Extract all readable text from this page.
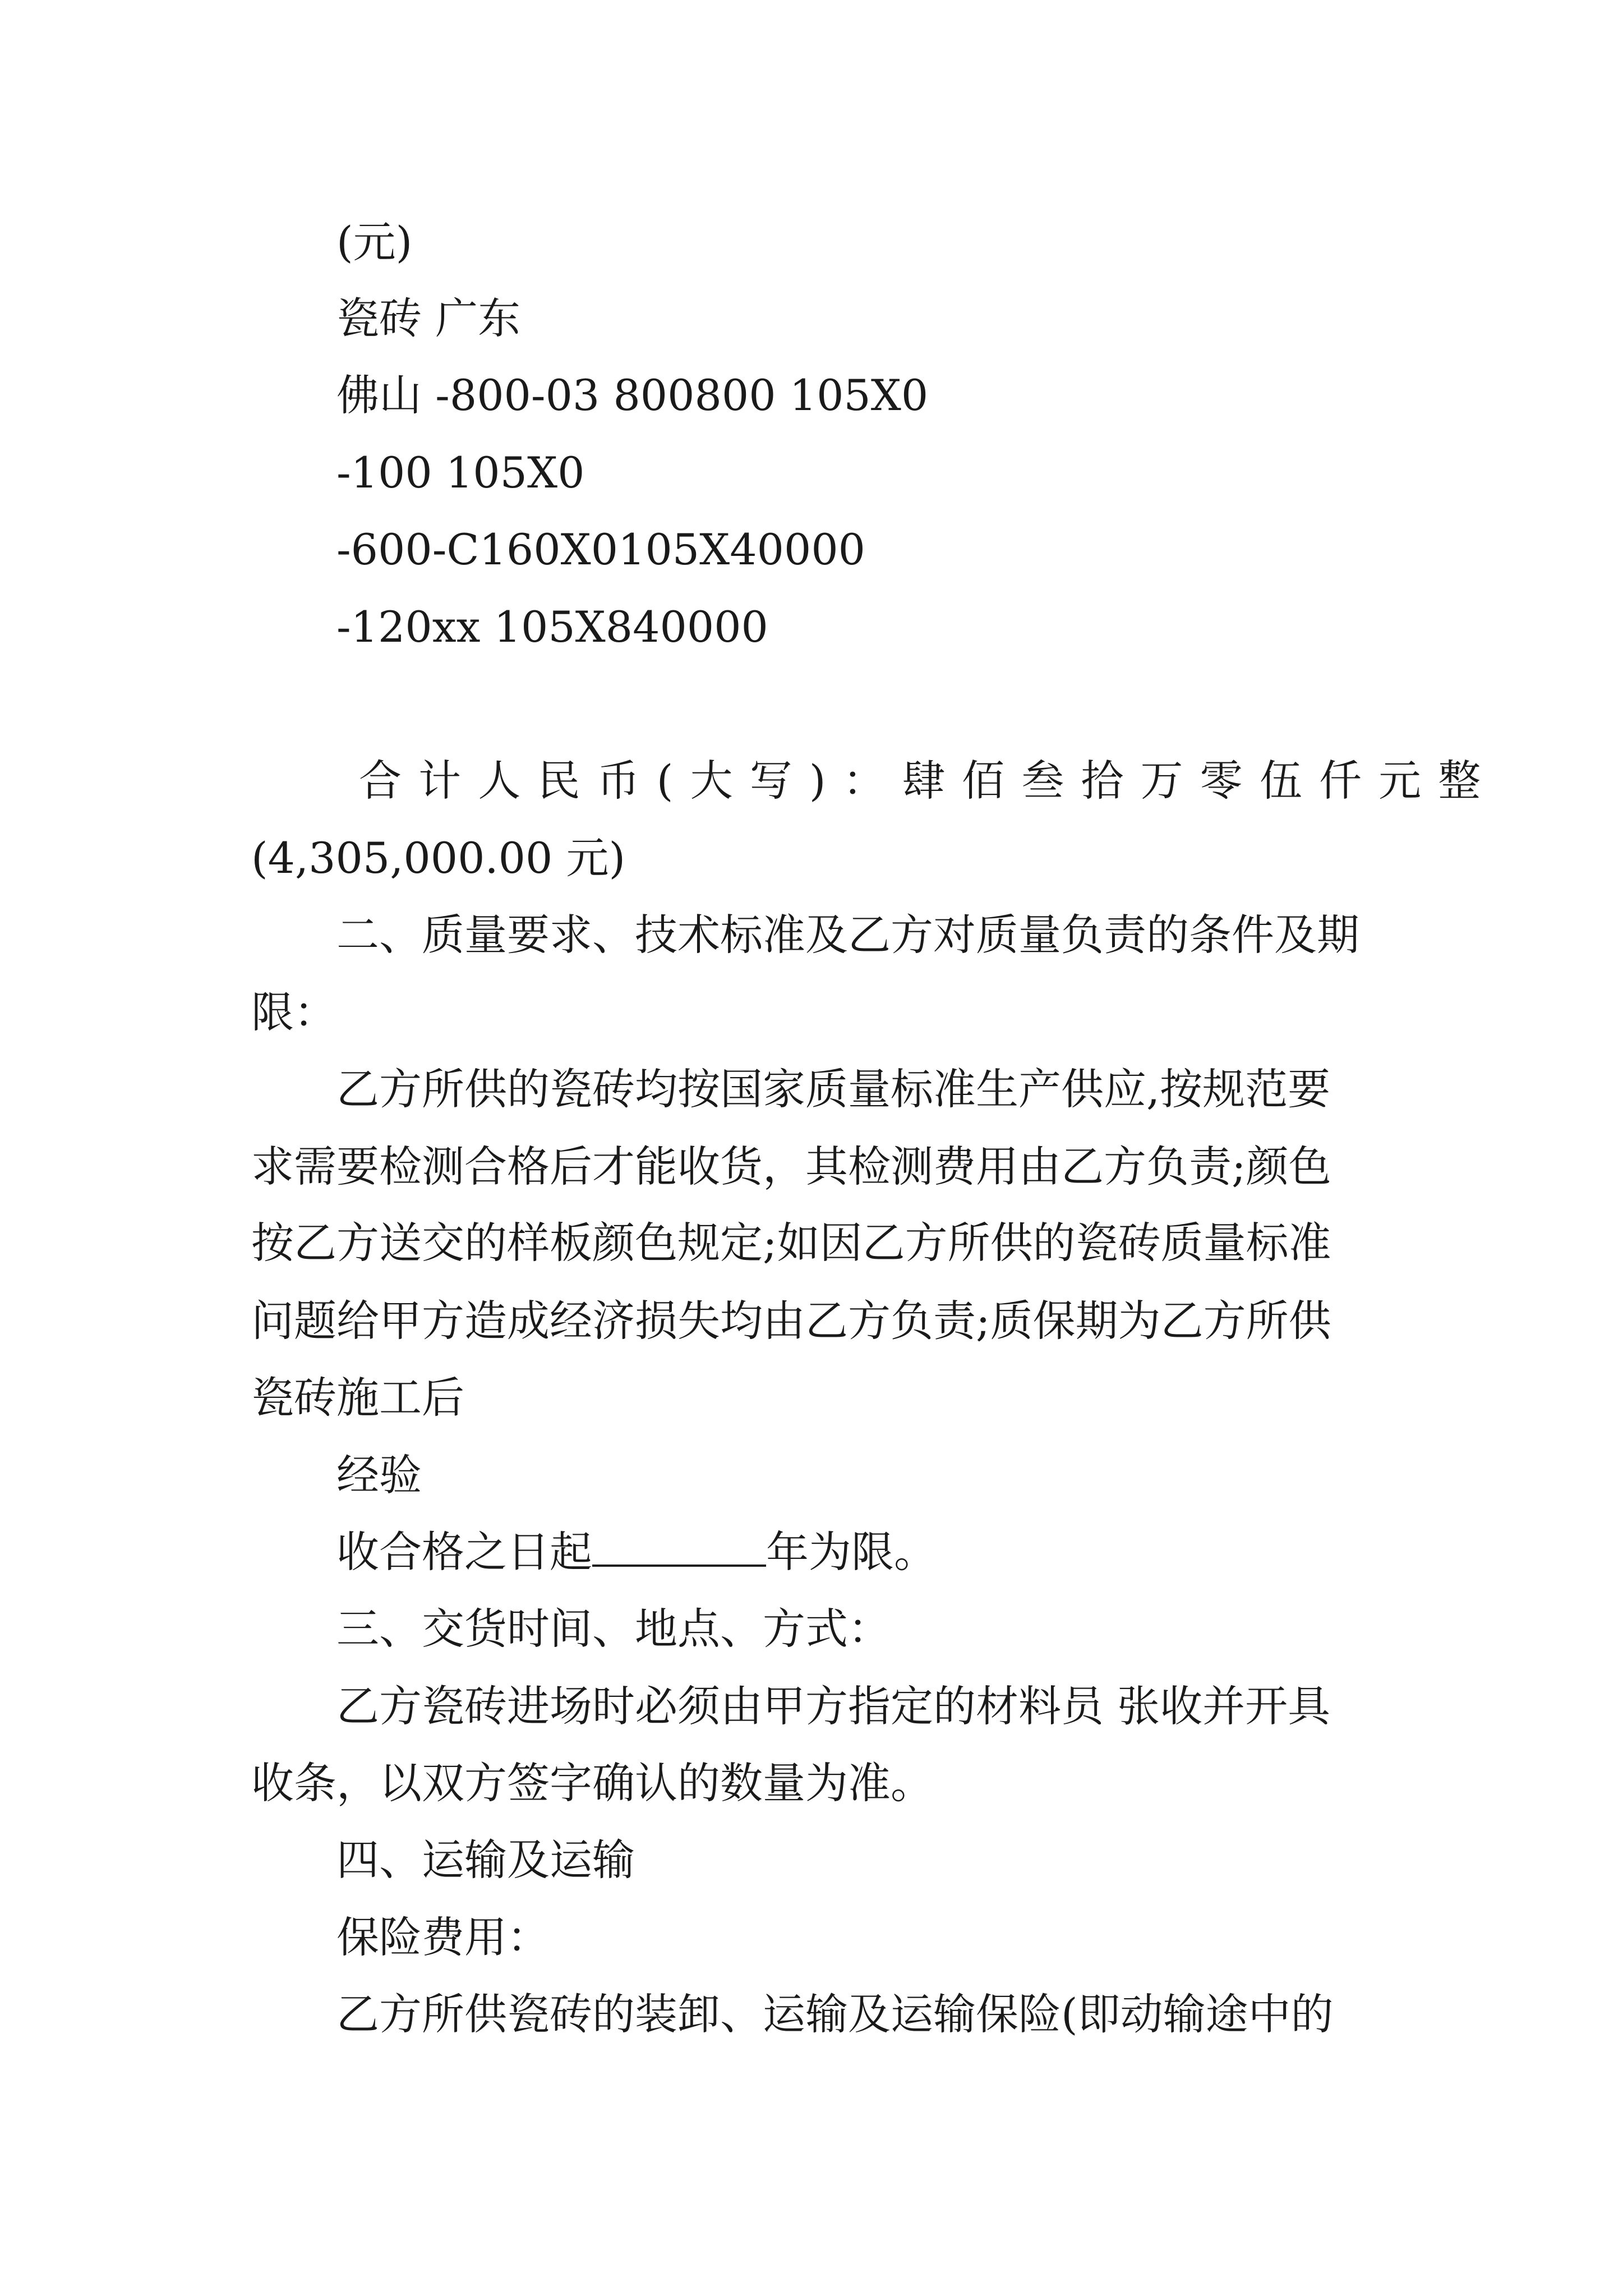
(元)
瓷砖 广东
佛山 -800-03 800800 105X0
-100 105X0
-600-C160X0105X40000
-120xx 105X840000
合 计 人 民 币 ( 大 写 ) ： 肆 佰 叁 拾 万 零 伍 仟 元 整
(4,305,000.00 元)
二、质量要求、技术标准及乙方对质量负责的条件及期
限：
乙方所供的瓷砖均按国家质量标准生产供应,按规范要
求需要检测合格后才能收货，其检测费用由乙方负责;颜色
按乙方送交的样板颜色规定;如因乙方所供的瓷砖质量标准
问题给甲方造成经济损失均由乙方负责;质保期为乙方所供
瓷砖施工后
经验
收合格之日起	年为限。
三、交货时间、地点、方式：
乙方瓷砖进场时必须由甲方指定的材料员 张收并开具
收条，以双方签字确认的数量为准。
四、运输及运输
保险费用：
乙方所供瓷砖的装卸、运输及运输保险(即动输途中的
